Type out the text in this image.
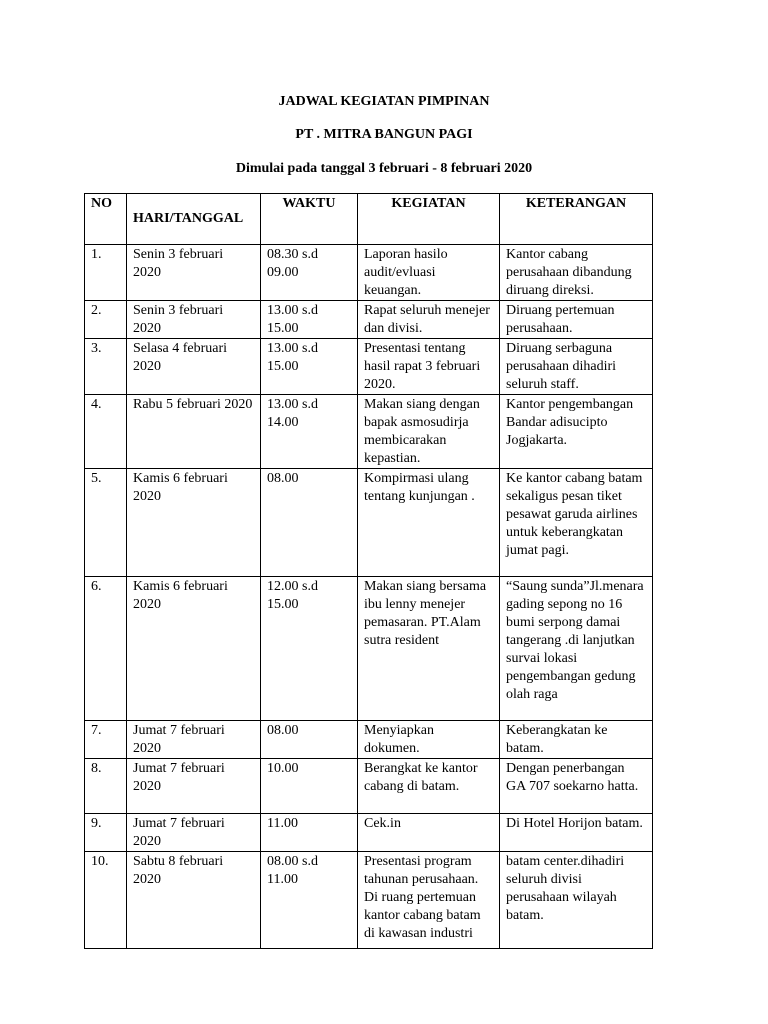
JADWAL KEGIATAN PIMPINAN
PT . MITRA BANGUN PAGI
Dimulai pada tanggal 3 februari - 8 februari 2020
NO	HARI/TANGGAL	WAKTU	KEGIATAN	KETERANGAN
1.	Senin 3 februari 2020	08.30 s.d 09.00	Laporan hasilo audit/evluasi keuangan.	Kantor cabang perusahaan dibandung diruang direksi.
2.	Senin 3 februari 2020	13.00 s.d 15.00	Rapat seluruh menejer dan divisi.	Diruang pertemuan perusahaan.
3.	Selasa 4 februari 2020	13.00 s.d 15.00	Presentasi tentang hasil rapat 3 februari 2020.	Diruang serbaguna perusahaan dihadiri seluruh staff.
4.	Rabu 5 februari 2020	13.00 s.d 14.00	Makan siang dengan bapak asmosudirja membicarakan kepastian.	Kantor pengembangan Bandar adisucipto Jogjakarta.
5.	Kamis 6 februari 2020	08.00	Kompirmasi ulang tentang kunjungan .	Ke kantor cabang batam sekaligus pesan tiket pesawat garuda airlines untuk keberangkatan jumat pagi.
6.	Kamis 6 februari 2020	12.00 s.d 15.00	Makan siang bersama ibu lenny menejer pemasaran. PT.Alam sutra resident	“Saung sunda”Jl.menara gading sepong no 16 bumi serpong damai tangerang .di lanjutkan survai lokasi pengembangan gedung olah raga
7.	Jumat 7 februari 2020	08.00	Menyiapkan dokumen.	Keberangkatan ke batam.
8.	Jumat 7 februari 2020	10.00	Berangkat ke kantor cabang di batam.	Dengan penerbangan GA 707 soekarno hatta.
9.	Jumat 7 februari 2020	11.00	Cek.in	Di Hotel Horijon batam.
10.	Sabtu 8 februari 2020	08.00 s.d 11.00	Presentasi program tahunan perusahaan. Di ruang pertemuan kantor cabang batam di kawasan industri	batam center.dihadiri seluruh divisi perusahaan wilayah batam.
